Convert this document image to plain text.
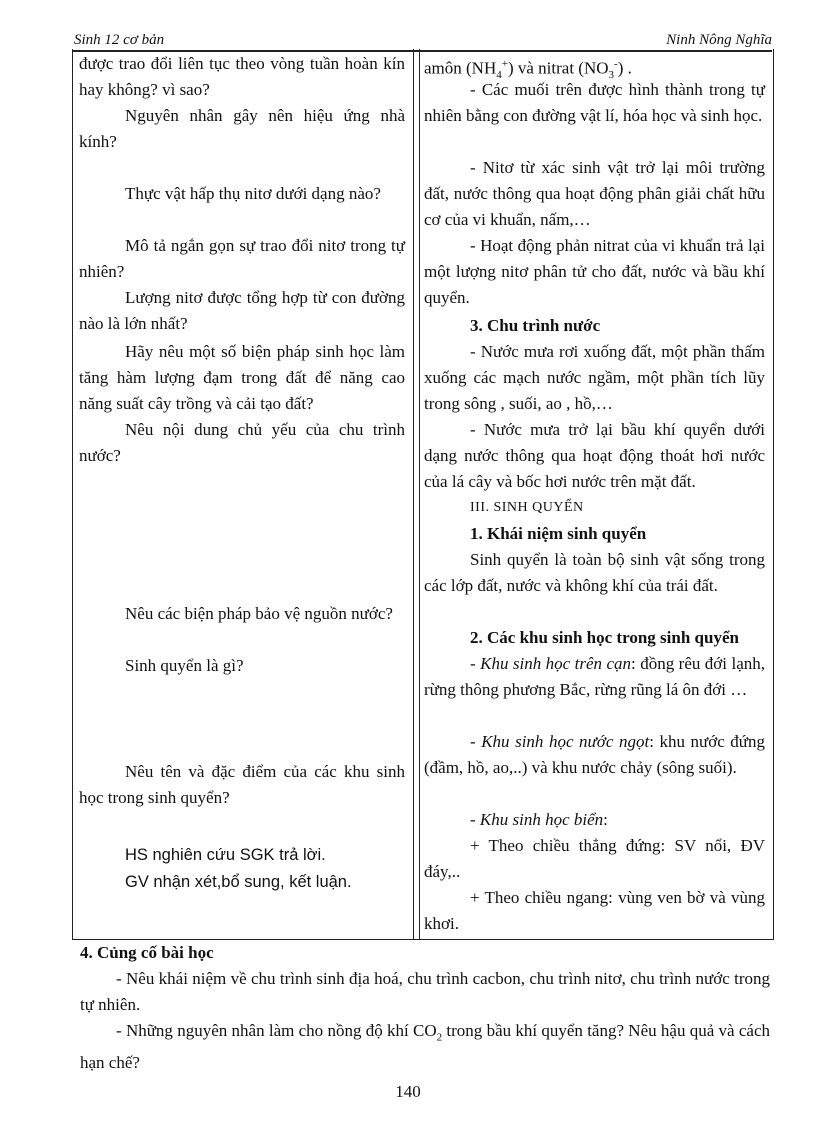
Sinh 12 cơ bản	Ninh Nông Nghĩa

được trao đổi liên tục theo vòng tuần hoàn kín hay không? vì sao?

Nguyên nhân gây nên hiệu ứng nhà kính?

Thực vật hấp thụ nitơ dưới dạng nào?

Mô tả ngắn gọn sự trao đổi nitơ trong tự nhiên?

Lượng nitơ được tổng hợp từ con đường nào là lớn nhất?

Hãy nêu một số biện pháp sinh học làm tăng hàm lượng đạm trong đất để năng cao năng suất cây trồng và cải tạo đất?

Nêu nội dung chủ yếu của chu trình nước?

Nêu các biện pháp bảo vệ nguồn nước?

Sinh quyển là gì?

Nêu tên và đặc điểm của các khu sinh học trong sinh quyển?

HS nghiên cứu SGK trả lời.

GV nhận xét,bổ sung, kết luận.

amôn $(NH_4^+)$ và nitrat $(NO_3^-)$ .

- Các muối trên được hình thành trong tự nhiên bằng con đường vật lí, hóa học và sinh học.

- Nitơ từ xác sinh vật trở lại môi trường đất, nước thông qua hoạt động phân giải chất hữu cơ của vi khuẩn, nấm,…

- Hoạt động phản nitrat của vi khuẩn trả lại một lượng nitơ phân tử cho đất, nước và bầu khí quyển.

3. Chu trình nước

- Nước mưa rơi xuống đất, một phần thấm xuống các mạch nước ngầm, một phần tích lũy trong sông , suối, ao , hồ,…

- Nước mưa trở lại bầu khí quyển dưới dạng nước thông qua hoạt động thoát hơi nước của lá cây và bốc hơi nước trên mặt đất.

III. SINH QUYỂN

1. Khái niệm sinh quyển

Sinh quyển là toàn bộ sinh vật sống trong các lớp đất, nước và không khí của trái đất.

2. Các khu sinh học trong sinh quyển

- Khu sinh học trên cạn: đồng rêu đới lạnh, rừng thông phương Bắc, rừng rũng lá ôn đới …

- Khu sinh học nước ngọt: khu nước đứng (đầm, hồ, ao,..) và khu nước chảy (sông suối).

- Khu sinh học biển:

+ Theo chiều thẳng đứng: SV nổi, ĐV đáy,..

+ Theo chiều ngang: vùng ven bờ và vùng khơi.

4. Củng cố bài học

- Nêu khái niệm về chu trình sinh địa hoá, chu trình cacbon, chu trình nitơ, chu trình nước trong tự nhiên.

- Những nguyên nhân làm cho nồng độ khí $CO_2$ trong bầu khí quyển tăng? Nêu hậu quả và cách hạn chế?

140
